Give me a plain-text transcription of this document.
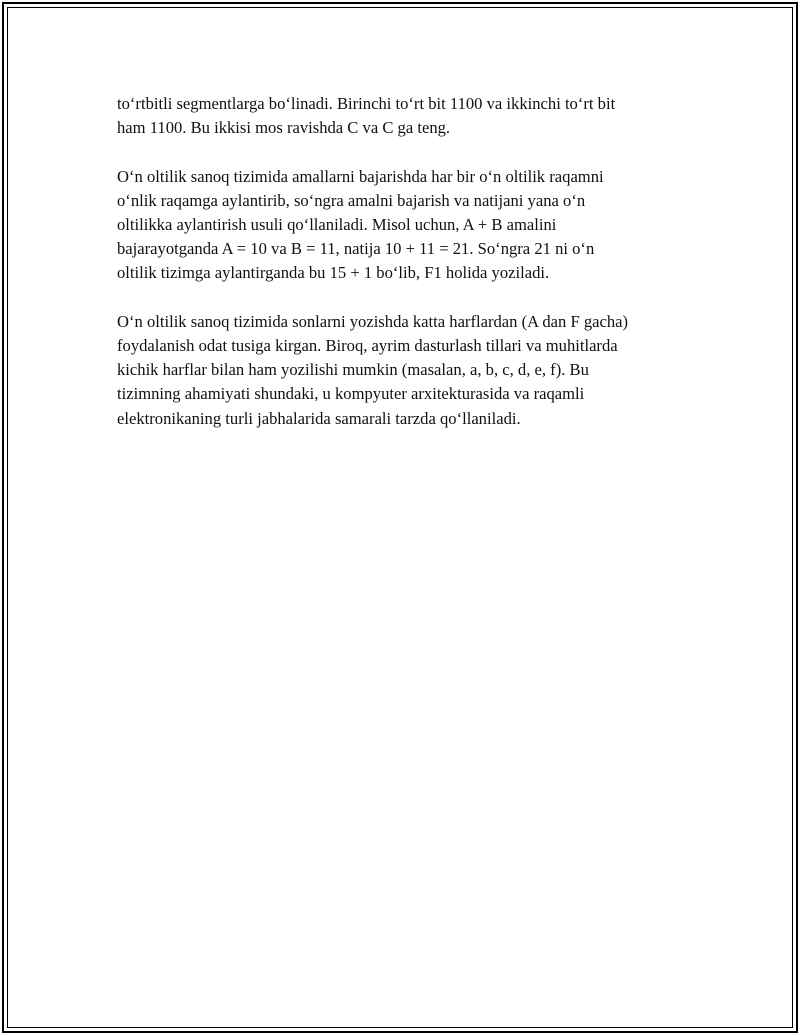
to‘rtbitli segmentlarga bo‘linadi. Birinchi to‘rt bit 1100 va ikkinchi to‘rt bit
ham 1100. Bu ikkisi mos ravishda C va C ga teng.

O‘n oltilik sanoq tizimida amallarni bajarishda har bir o‘n oltilik raqamni
o‘nlik raqamga aylantirib, so‘ngra amalni bajarish va natijani yana o‘n
oltilikka aylantirish usuli qo‘llaniladi. Misol uchun, A + B amalini
bajarayotganda A = 10 va B = 11, natija 10 + 11 = 21. So‘ngra 21 ni o‘n
oltilik tizimga aylantirganda bu 15 + 1 bo‘lib, F1 holida yoziladi.

O‘n oltilik sanoq tizimida sonlarni yozishda katta harflardan (A dan F gacha)
foydalanish odat tusiga kirgan. Biroq, ayrim dasturlash tillari va muhitlarda
kichik harflar bilan ham yozilishi mumkin (masalan, a, b, c, d, e, f). Bu
tizimning ahamiyati shundaki, u kompyuter arxitekturasida va raqamli
elektronikaning turli jabhalarida samarali tarzda qo‘llaniladi.
